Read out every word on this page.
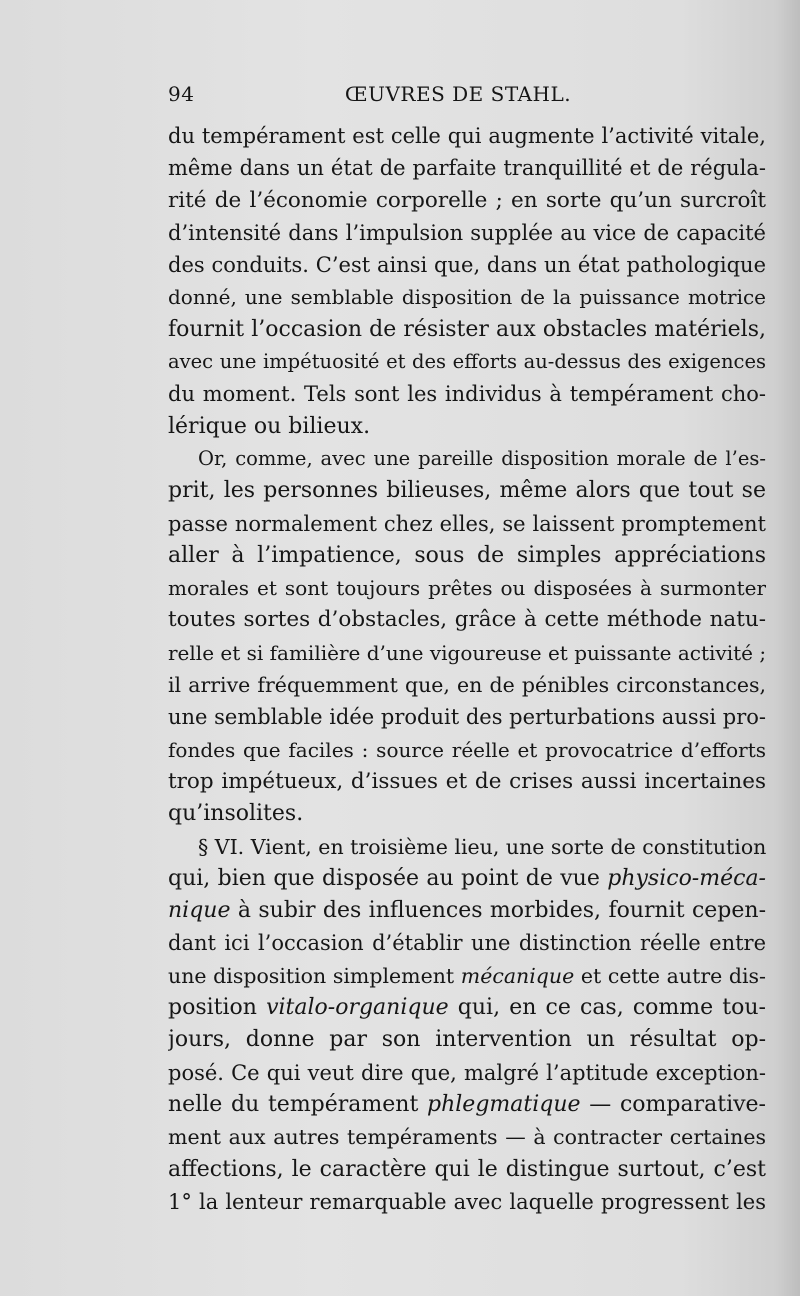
94	ŒUVRES DE STAHL.
du tempérament est celle qui augmente l’activité vitale,
même dans un état de parfaite tranquillité et de régula-
rité de l’économie corporelle ; en sorte qu’un surcroît
d’intensité dans l’impulsion supplée au vice de capacité
des conduits. C’est ainsi que, dans un état pathologique
donné, une semblable disposition de la puissance motrice
fournit l’occasion de résister aux obstacles matériels,
avec une impétuosité et des efforts au-dessus des exigences
du moment. Tels sont les individus à tempérament cho-
lérique ou bilieux.
Or, comme, avec une pareille disposition morale de l’es-
prit, les personnes bilieuses, même alors que tout se
passe normalement chez elles, se laissent promptement
aller à l’impatience, sous de simples appréciations
morales et sont toujours prêtes ou disposées à surmonter
toutes sortes d’obstacles, grâce à cette méthode natu-
relle et si familière d’une vigoureuse et puissante activité ;
il arrive fréquemment que, en de pénibles circonstances,
une semblable idée produit des perturbations aussi pro-
fondes que faciles : source réelle et provocatrice d’efforts
trop impétueux, d’issues et de crises aussi incertaines
qu’insolites.
§ VI. Vient, en troisième lieu, une sorte de constitution
qui, bien que disposée au point de vue physico-méca-
nique à subir des influences morbides, fournit cepen-
dant ici l’occasion d’établir une distinction réelle entre
une disposition simplement mécanique et cette autre dis-
position vitalo-organique qui, en ce cas, comme tou-
jours, donne par son intervention un résultat op-
posé. Ce qui veut dire que, malgré l’aptitude exception-
nelle du tempérament phlegmatique — comparative-
ment aux autres tempéraments — à contracter certaines
affections, le caractère qui le distingue surtout, c’est
1° la lenteur remarquable avec laquelle progressent les
